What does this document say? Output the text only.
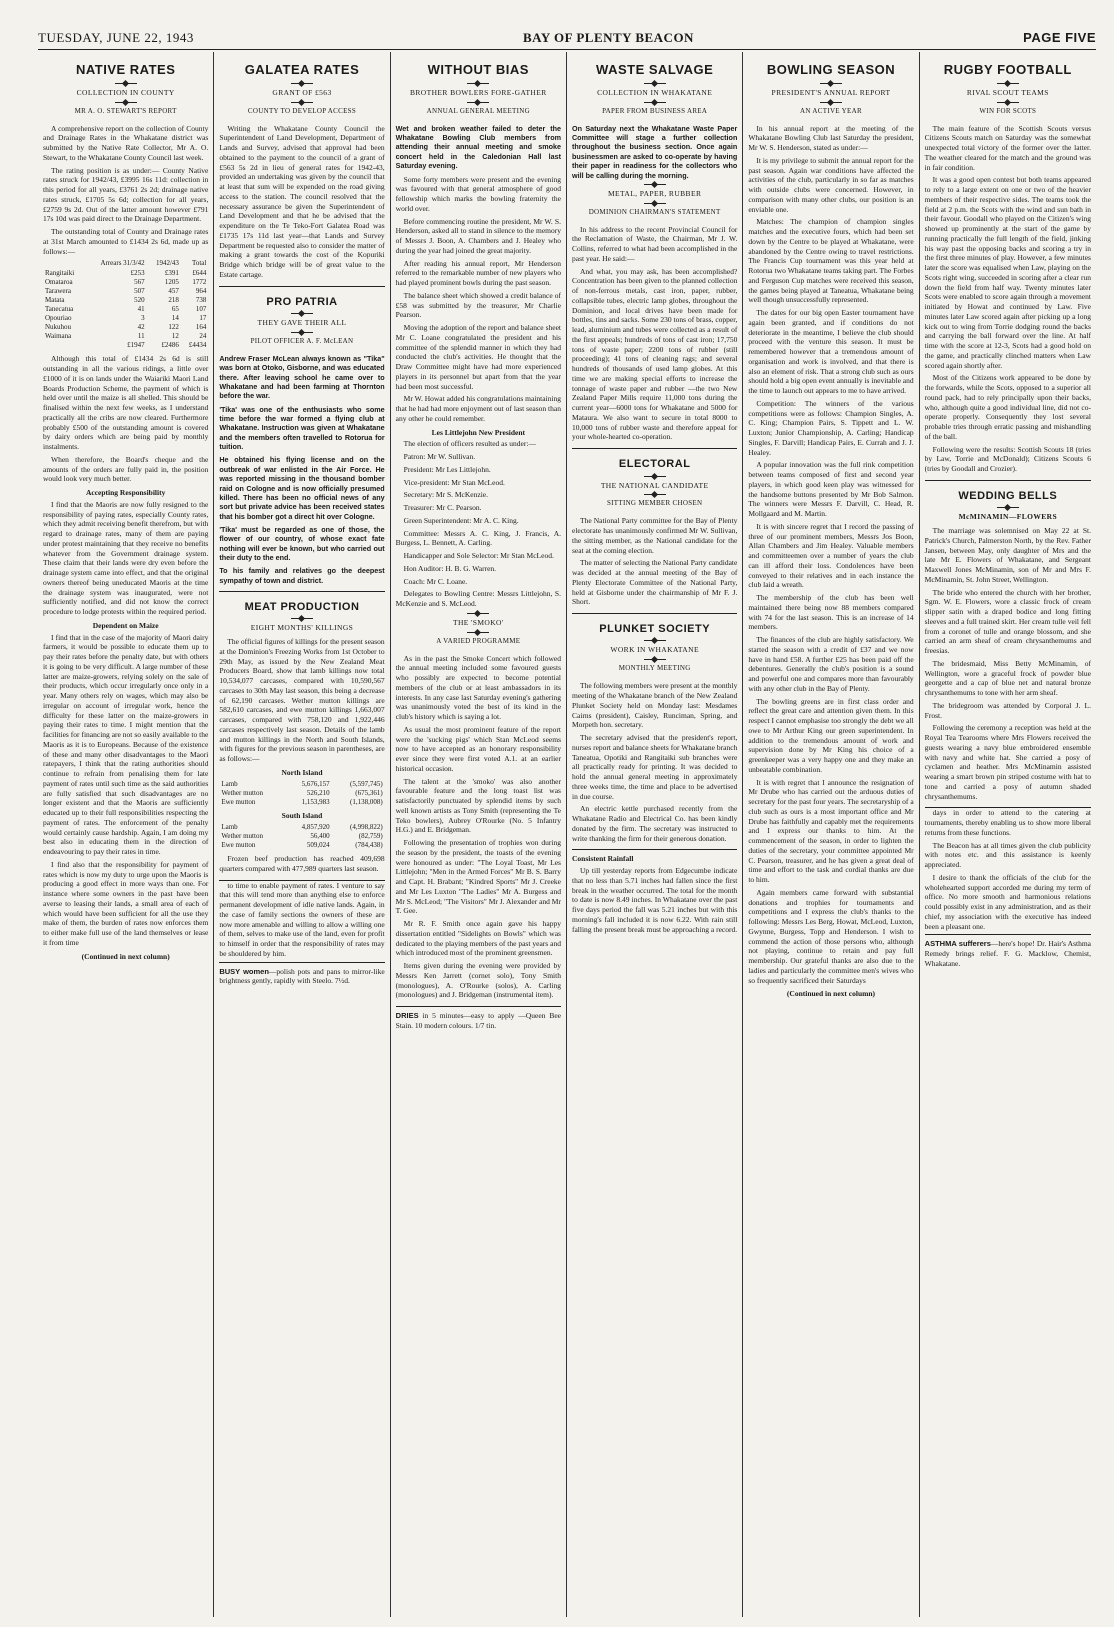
TUESDAY, JUNE 22, 1943	BAY OF PLENTY BEACON	PAGE FIVE
NATIVE RATES
COLLECTION IN COUNTY
MR A. O. STEWART'S REPORT

A comprehensive report on the collection of County and Drainage Rates in the Whakatane district was submitted by the Native Rate Collector, Mr A. O. Stewart, to the Whakatane County Council last week.

The rating position is as under:— County Native rates struck for 1942/43, £3995 16s 11d: collection in this period for all years, £3761 2s 2d; drainage native rates struck, £1705 5s 6d; collection for all years, £2759 9s 2d. Out of the latter amount however £791 17s 10d was paid direct to the Drainage Department.

The outstanding total of County and Drainage rates at 31st March amounted to £1434 2s 6d, made up as follows:—

	Arrears 31/3/42	1942/43	Total
Rangitaiki	£253	£391	£644
Omataroa	567	1205	1772
Tarawera	507	457	964
Matata	520	218	738
Tanecatua	41	65	107
Opouriao	3	14	17
Nukuhou	42	122	164
Waimana	11	12	24
	£1947	£2486	£4434

Although this total of £1434 2s 6d is still outstanding in all the various ridings, a little over £1000 of it is on lands under the Waiariki Maori Land Boards Production Scheme, the payment of which is held over until the maize is all shelled. This should be finalised within the next few weeks, as I understand practically all the cribs are now cleared. Furthermore probably £500 of the outstanding amount is covered by dairy orders which are being paid by monthly instalments.

When therefore, the Board's cheque and the amounts of the orders are fully paid in, the position would look very much better.

Accepting Responsibility

I find that the Maoris are now fully resigned to the responsibility of paying rates, especially County rates, which they admit receiving benefit therefrom, but with regard to drainage rates, many of them are paying under protest maintaining that they receive no benefits whatever from the Government drainage system. These claim that their lands were dry even before the drainage system came into effect, and that the original owners thereof being uneducated Maoris at the time the drainage system was inaugurated, were not sufficiently notified, and did not know the correct procedure to lodge protests within the required period.

Dependent on Maize

I find that in the case of the majority of Maori dairy farmers, it would be possible to educate them up to pay their rates before the penalty date, but with others it is going to be very difficult. A large number of these latter are maize-growers, relying solely on the sale of their products, which occur irregularly once only in a year. Many others rely on wages, which may also be irregular on account of irregular work, hence the difficulty for these latter on the maize-growers in paying their rates to time. I might mention that the facilities for financing are not so easily available to the Maoris as it is to Europeans. Because of the existence of these and many other disadvantages to the Maori ratepayers, I think that the rating authorities should continue to refrain from penalising them for late payment of rates until such time as the said authorities are fully satisfied that such disadvantages are no longer existent and that the Maoris are sufficiently educated up to their full responsibilities respecting the payment of rates. The enforcement of the penalty would certainly cause hardship. Again, I am doing my best also in educating them in the direction of endeavouring to pay their rates in time.

I find also that the responsibility for payment of rates which is now my duty to urge upon the Maoris is producing a good effect in more ways than one. For instance where some owners in the past have been averse to leasing their lands, a small area of each of which would have been sufficient for all the use they make of them, the burden of rates now enforces them to either make full use of the land themselves or lease it from time

(Continued in next column)
GALATEA RATES
GRANT OF £563
COUNTY TO DEVELOP ACCESS

Writing the Whakatane County Council the Superintendent of Land Development, Department of Lands and Survey, advised that approval had been obtained to the payment to the council of a grant of £563 5s 2d in lieu of general rates for 1942-43, provided an undertaking was given by the council that at least that sum will be expended on the road giving access to the station. The council resolved that the necessary assurance be given the Superintendent of Land Development and that he be advised that the expenditure on the Te Teko-Fort Galatea Road was £1735 17s 11d last year—that Lands and Survey Department be requested also to consider the matter of making a grant towards the cost of the Kopuriki Bridge which bridge will be of great value to the Estate cartage.

PRO PATRIA
THEY GAVE THEIR ALL
PILOT OFFICER A. F. McLEAN
Andrew Fraser McLean always known as "Tika" was born at Otoko, Gisborne, and was educated there. After leaving school he came over to Whakatane and had been farming at Thornton before the war.
'Tika' was one of the enthusiasts who some time before the war formed a flying club at Whakatane. Instruction was given at Whakatane and the members often travelled to Rotorua for tuition.
He obtained his flying license and on the outbreak of war enlisted in the Air Force. He was reported missing in the thousand bomber raid on Cologne and is now officially presumed killed. There has been no official news of any sort but private advice has been received states that his bomber got a direct hit over Cologne.
'Tika' must be regarded as one of those, the flower of our country, of whose exact fate nothing will ever be known, but who carried out their duty to the end.
To his family and relatives go the deepest sympathy of town and district.
MEAT PRODUCTION
EIGHT MONTHS' KILLINGS

The official figures of killings for the present season at the Dominion's Freezing Works from 1st October to 29th May, as issued by the New Zealand Meat Producers Board, show that lamb killings now total 10,534,077 carcases, compared with 10,590,567 carcases to 30th May last season, this being a decrease of 62,190 carcases. Wether mutton killings are 582,610 carcases, and ewe mutton killings 1,663,007 carcases, compared with 758,120 and 1,922,446 carcases respectively last season. Details of the lamb and mutton killings in the North and South Islands, with figures for the previous season in parentheses, are as follows:—

North Island
Lamb	5,676,157	(5,597,745)
Wether mutton	526,210	(675,361)
Ewe mutton	1,153,983	(1,138,008)
South Island
Lamb	4,857,920	(4,998,822)
Wether mutton	56,400	(82,759)
Ewe mutton	509,024	(784,438)

Frozen beef production has reached 409,698 quarters compared with 477,989 quarters last season.

to time to enable payment of rates. I venture to say that this will tend more than anything else to enforce permanent development of idle native lands. Again, in the case of family sections the owners of these are now more amenable and willing to allow a willing one of them, selves to make use of the land, even for profit to himself in order that the responsibility of rates may be shouldered by him.

BUSY women—polish pots and pans to mirror-like brightness gently, rapidly with Steelo. 7½d.
WITHOUT BIAS
BROTHER BOWLERS FORE-GATHER
ANNUAL GENERAL MEETING
Wet and broken weather failed to deter the Whakatane Bowling Club members from attending their annual meeting and smoke concert held in the Caledonian Hall last Saturday evening.

Some forty members were present and the evening was favoured with that general atmosphere of good fellowship which marks the bowling fraternity the world over.

Before commencing routine the president, Mr W. S. Henderson, asked all to stand in silence to the memory of Messrs J. Boon, A. Chambers and J. Healey who during the year had joined the great majority.

After reading his annual report, Mr Henderson referred to the remarkable number of new players who had played prominent bowls during the past season.

The balance sheet which showed a credit balance of £58 was submitted by the treasurer, Mr Charlie Pearson.

Moving the adoption of the report and balance sheet Mr C. Loane congratulated the president and his committee of the splendid manner in which they had conducted the club's activities. He thought that the Draw Committee might have had more experienced players in its personnel but apart from that the year had been most successful.

Mr W. Howat added his congratulations maintaining that he had had more enjoyment out of last season than any other he could remember.

Les Littlejohn New President

The election of officers resulted as under:—

Patron: Mr W. Sullivan.

President: Mr Les Littlejohn.

Vice-president: Mr Stan McLeod.

Secretary: Mr S. McKenzie.

Treasurer: Mr C. Pearson.

Green Superintendent: Mr A. C. King.

Committee: Messrs A. C. King, J. Francis, A. Burgess, L. Bennett, A. Carling.

Handicapper and Sole Selector: Mr Stan McLeod.

Hon Auditor: H. B. G. Warren.

Coach: Mr C. Loane.

Delegates to Bowling Centre: Messrs Littlejohn, S. McKenzie and S. McLeod.

THE 'SMOKO'
A VARIED PROGRAMME

As in the past the Smoke Concert which followed the annual meeting included some favoured guests who possibly are expected to become potential members of the club or at least ambassadors in its interests. In any case last Saturday evening's gathering was unanimously voted the best of its kind in the club's history which is saying a lot.

As usual the most prominent feature of the report were the 'sucking pigs' which Stan McLeod seems now to have accepted as an honorary responsibility ever since they were first voted A.1. at an earlier historical occasion.

The talent at the 'smoko' was also another favourable feature and the long toast list was satisfactorily punctuated by splendid items by such well known artists as Tony Smith (representing the Te Teko bowlers), Aubrey O'Rourke (No. 5 Infantry H.G.) and E. Bridgeman.

Following the presentation of trophies won during the season by the president, the toasts of the evening were honoured as under: "The Loyal Toast, Mr Les Littlejohn; "Men in the Armed Forces" Mr B. S. Barry and Capt. H. Brabant; "Kindred Sports" Mr J. Creeke and Mr Les Luxton "The Ladies" Mr A. Burgess and Mr S. McLeod; "The Visitors" Mr J. Alexander and Mr T. Gee.

Mr R. F. Smith once again gave his happy dissertation entitled "Sidelights on Bowls" which was dedicated to the playing members of the past years and which introduced most of the prominent greensmen.

Items given during the evening were provided by Messrs Ken Jarrett (cornet solo), Tony Smith (monologues), A. O'Rourke (solos), A. Carling (monologues) and J. Bridgeman (instrumental item).

DRIES in 5 minutes—easy to apply —Queen Bee Stain. 10 modern colours. 1/7 tin.
WASTE SALVAGE
COLLECTION IN WHAKATANE
PAPER FROM BUSINESS AREA
On Saturday next the Whakatane Waste Paper Committee will stage a further collection throughout the business section. Once again businessmen are asked to co-operate by having their paper in readiness for the collectors who will be calling during the morning.
METAL, PAPER, RUBBER
DOMINION CHAIRMAN'S STATEMENT

In his address to the recent Provincial Council for the Reclamation of Waste, the Chairman, Mr J. W. Collins, referred to what had been accomplished in the past year. He said:—

And what, you may ask, has been accomplished? Concentration has been given to the planned collection of non-ferrous metals, cast iron, paper, rubber, collapsible tubes, electric lamp globes, throughout the Dominion, and local drives have been made for bottles, tins and sacks. Some 230 tons of brass, copper, lead, aluminium and tubes were collected as a result of the first appeals; hundreds of tons of cast iron; 17,750 tons of waste paper; 2200 tons of rubber (still proceeding); 41 tons of cleaning rags; and several hundreds of thousands of used lamp globes. At this time we are making special efforts to increase the tonnage of waste paper and rubber —the two New Zealand Paper Mills require 11,000 tons during the current year—6000 tons for Whakatane and 5000 for Mataura. We also want to secure in total 8000 to 10,000 tons of rubber waste and therefore appeal for your whole-hearted co-operation.

ELECTORAL
THE NATIONAL CANDIDATE
SITTING MEMBER CHOSEN

The National Party committee for the Bay of Plenty electorate has unanimously confirmed Mr W. Sullivan, the sitting member, as the National candidate for the seat at the coming election.

The matter of selecting the National Party candidate was decided at the annual meeting of the Bay of Plenty Electorate Committee of the National Party, held at Gisborne under the chairmanship of Mr F. J. Short.

PLUNKET SOCIETY
WORK IN WHAKATANE
MONTHLY MEETING

The following members were present at the monthly meeting of the Whakatane branch of the New Zealand Plunket Society held on Monday last: Mesdames Cairns (president), Caisley, Runciman, Spring, and Morpeth hon. secretary.

The secretary advised that the president's report, nurses report and balance sheets for Whakatane branch Taneatua, Opotiki and Rangitaiki sub branches were all practically ready for printing. It was decided to hold the annual general meeting in approximately three weeks time, the time and place to be advertised in due course.

An electric kettle purchased recently from the Whakatane Radio and Electrical Co. has been kindly donated by the firm. The secretary was instructed to write thanking the firm for their generous donation.

Consistent Rainfall

Up till yesterday reports from Edgecumbe indicate that no less than 5.71 inches had fallen since the first break in the weather occurred. The total for the month to date is now 8.49 inches. In Whakatane over the past five days period the fall was 5.21 inches but with this morning's fall included it is now 6.22. With rain still falling the present break must be approaching a record.

BOWLING SEASON
PRESIDENT'S ANNUAL REPORT
AN ACTIVE YEAR

In his annual report at the meeting of the Whakatane Bowling Club last Saturday the president, Mr W. S. Henderson, stated as under:—

It is my privilege to submit the annual report for the past season. Again war conditions have affected the activities of the club, particularly in so far as matches with outside clubs were concerned. However, in comparison with many other clubs, our position is an enviable one.

Matches: The champion of champion singles matches and the executive fours, which had been set down by the Centre to be played at Whakatane, were abandoned by the Centre owing to travel restrictions. The Francis Cup tournament was this year held at Rotorua two Whakatane teams taking part. The Forbes and Ferguson Cup matches were received this season, the games being played at Taneatua, Whakatane being well though unsuccessfully represented.

The dates for our big open Easter tournament have again been granted, and if conditions do not deteriorate in the meantime, I believe the club should proceed with the venture this season. It must be remembered however that a tremendous amount of organisation and work is involved, and that there is also an element of risk. That a strong club such as ours should hold a big open event annually is inevitable and the time to launch out appears to me to have arrived.

Competition: The winners of the various competitions were as follows: Champion Singles, A. C. King; Champion Pairs, S. Tippett and L. W. Luxton; Junior Championship, A. Carling; Handicap Singles, F. Darvill; Handicap Pairs, E. Currah and J. J. Healey.

A popular innovation was the full rink competition between teams composed of first and second year players, in which good keen play was witnessed for the handsome buttons presented by Mr Bob Salmon. The winners were Messrs F. Darvill, C. Head, R. Mollgaard and M. Martin.

It is with sincere regret that I record the passing of three of our prominent members, Messrs Jos Boon, Allan Chambers and Jim Healey. Valuable members and committeemen over a number of years the club can ill afford their loss. Condolences have been conveyed to their relatives and in each instance the club laid a wreath.

The membership of the club has been well maintained there being now 88 members compared with 74 for the last season. This is an increase of 14 members.

The finances of the club are highly satisfactory. We started the season with a credit of £37 and we now have in hand £58. A further £25 has been paid off the debentures. Generally the club's position is a sound and powerful one and compares more than favourably with any other club in the Bay of Plenty.

The bowling greens are in first class order and reflect the great care and attention given them. In this respect I cannot emphasise too strongly the debt we all owe to Mr Arthur King our green superintendent. In addition to the tremendous amount of work and supervision done by Mr King his choice of a greenkeeper was a very happy one and they make an unbeatable combination.

It is with regret that I announce the resignation of Mr Drube who has carried out the arduous duties of secretary for the past four years. The secretaryship of a club such as ours is a most important office and Mr Drube has faithfully and capably met the requirements and I express our thanks to him. At the commencement of the season, in order to lighten the duties of the secretary, your committee appointed Mr C. Pearson, treasurer, and he has given a great deal of time and effort to the task and cordial thanks are due to him.

Again members came forward with substantial donations and trophies for tournaments and competitions and I express the club's thanks to the following: Messrs Les Berg, Howat, McLeod, Luxton, Gwynne, Burgess, Topp and Henderson. I wish to commend the action of those persons who, although not playing, continue to retain and pay full membership. Our grateful thanks are also due to the ladies and particularly the committee men's wives who so frequently sacrificed their Saturdays

(Continued in next column)
RUGBY FOOTBALL
RIVAL SCOUT TEAMS
WIN FOR SCOTS

The main feature of the Scottish Scouts versus Citizens Scouts match on Saturday was the somewhat unexpected total victory of the former over the latter. The weather cleared for the match and the ground was in fair condition.

It was a good open contest but both teams appeared to rely to a large extent on one or two of the heavier members of their respective sides. The teams took the field at 2 p.m. the Scots with the wind and sun bath in their favour. Goodall who played on the Citizen's wing showed up prominently at the start of the game by running practically the full length of the field, jinking his way past the opposing backs and scoring a try in the first three minutes of play. However, a few minutes later the score was equalised when Law, playing on the Scots right wing, succeeded in scoring after a clear run down the field from half way. Twenty minutes later Scots were enabled to score again through a movement initiated by Howat and continued by Law. Five minutes later Law scored again after picking up a long kick out to wing from Torrie dodging round the backs and carrying the ball forward over the line. At half time with the score at 12-3, Scots had a good hold on the game, and practically clinched matters when Law scored again shortly after.

Most of the Citizens work appeared to be done by the forwards, while the Scots, opposed to a superior all round pack, had to rely principally upon their backs, who, although quite a good individual line, did not co-operate properly. Consequently they lost several probable tries through erratic passing and mishandling of the ball.

Following were the results: Scottish Scouts 18 (tries by Law, Torrie and McDonald); Citizens Scouts 6 (tries by Goodall and Crozier).

WEDDING BELLS
McMINAMIN—FLOWERS

The marriage was solemnised on May 22 at St. Patrick's Church, Palmerston North, by the Rev. Father Jansen, between May, only daughter of Mrs and the late Mr E. Flowers of Whakatane, and Sergeant Maxwell Jones McMinamin, son of Mr and Mrs F. McMinamin, St. John Street, Wellington.

The bride who entered the church with her brother, Sgm. W. E. Flowers, wore a classic frock of cream slipper satin with a draped bodice and long fitting sleeves and a full trained skirt. Her cream tulle veil fell from a coronet of tulle and orange blossom, and she carried an arm sheaf of cream chrysanthemums and freesias.

The bridesmaid, Miss Betty McMinamin, of Wellington, wore a graceful frock of powder blue georgette and a cap of blue net and natural bronze chrysanthemums to tone with her arm sheaf.

The bridegroom was attended by Corporal J. L. Frost.

Following the ceremony a reception was held at the Royal Tea Tearooms where Mrs Flowers received the guests wearing a navy blue embroidered ensemble with navy and white hat. She carried a posy of cyclamen and heather. Mrs McMinamin assisted wearing a smart brown pin striped costume with hat to tone and carried a posy of autumn shaded chrysanthemums.

days in order to attend to the catering at tournaments, thereby enabling us to show more liberal returns from these functions.

The Beacon has at all times given the club publicity with notes etc. and this assistance is keenly appreciated.

I desire to thank the officials of the club for the wholehearted support accorded me during my term of office. No more smooth and harmonious relations could possibly exist in any administration, and as their chief, my association with the executive has indeed been a pleasant one.

ASTHMA sufferers—here's hope! Dr. Hair's Asthma Remedy brings relief. F. G. Macklow, Chemist, Whakatane.
